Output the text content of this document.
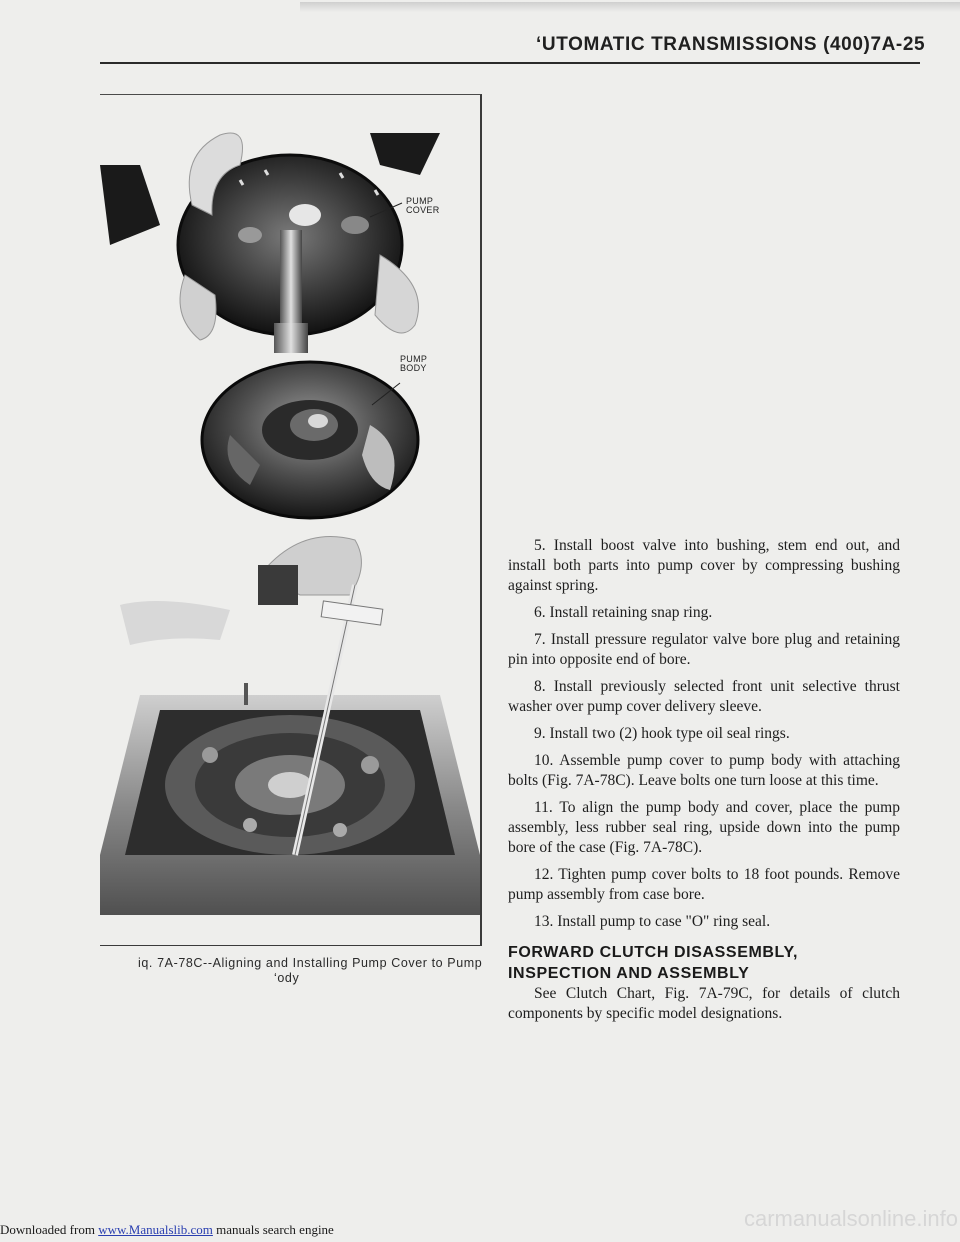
‘UTOMATIC TRANSMISSIONS (400)7A-25
PUMP
COVER
PUMP
BODY
iq. 7A-78C--Aligning and Installing Pump Cover to Pump
‘ody

5. Install boost valve into bushing, stem end out, and install both parts into pump cover by compressing bushing against spring.

6. Install retaining snap ring.

7. Install pressure regulator valve bore plug and retaining pin into opposite end of bore.

8. Install previously selected front unit selective thrust washer over pump cover delivery sleeve.

9. Install two (2) hook type oil seal rings.

10. Assemble pump cover to pump body with attaching bolts (Fig. 7A-78C). Leave bolts one turn loose at this time.

11. To align the pump body and cover, place the pump assembly, less rubber seal ring, upside down into the pump bore of the case (Fig. 7A-78C).

12. Tighten pump cover bolts to 18 foot pounds. Remove pump assembly from case bore.

13. Install pump to case "O" ring seal.

FORWARD CLUTCH DISASSEMBLY,
INSPECTION AND ASSEMBLY

See Clutch Chart, Fig. 7A-79C, for details of clutch components by specific model designations.

Downloaded from www.Manualslib.com manuals search engine	carmanualsonline.info
